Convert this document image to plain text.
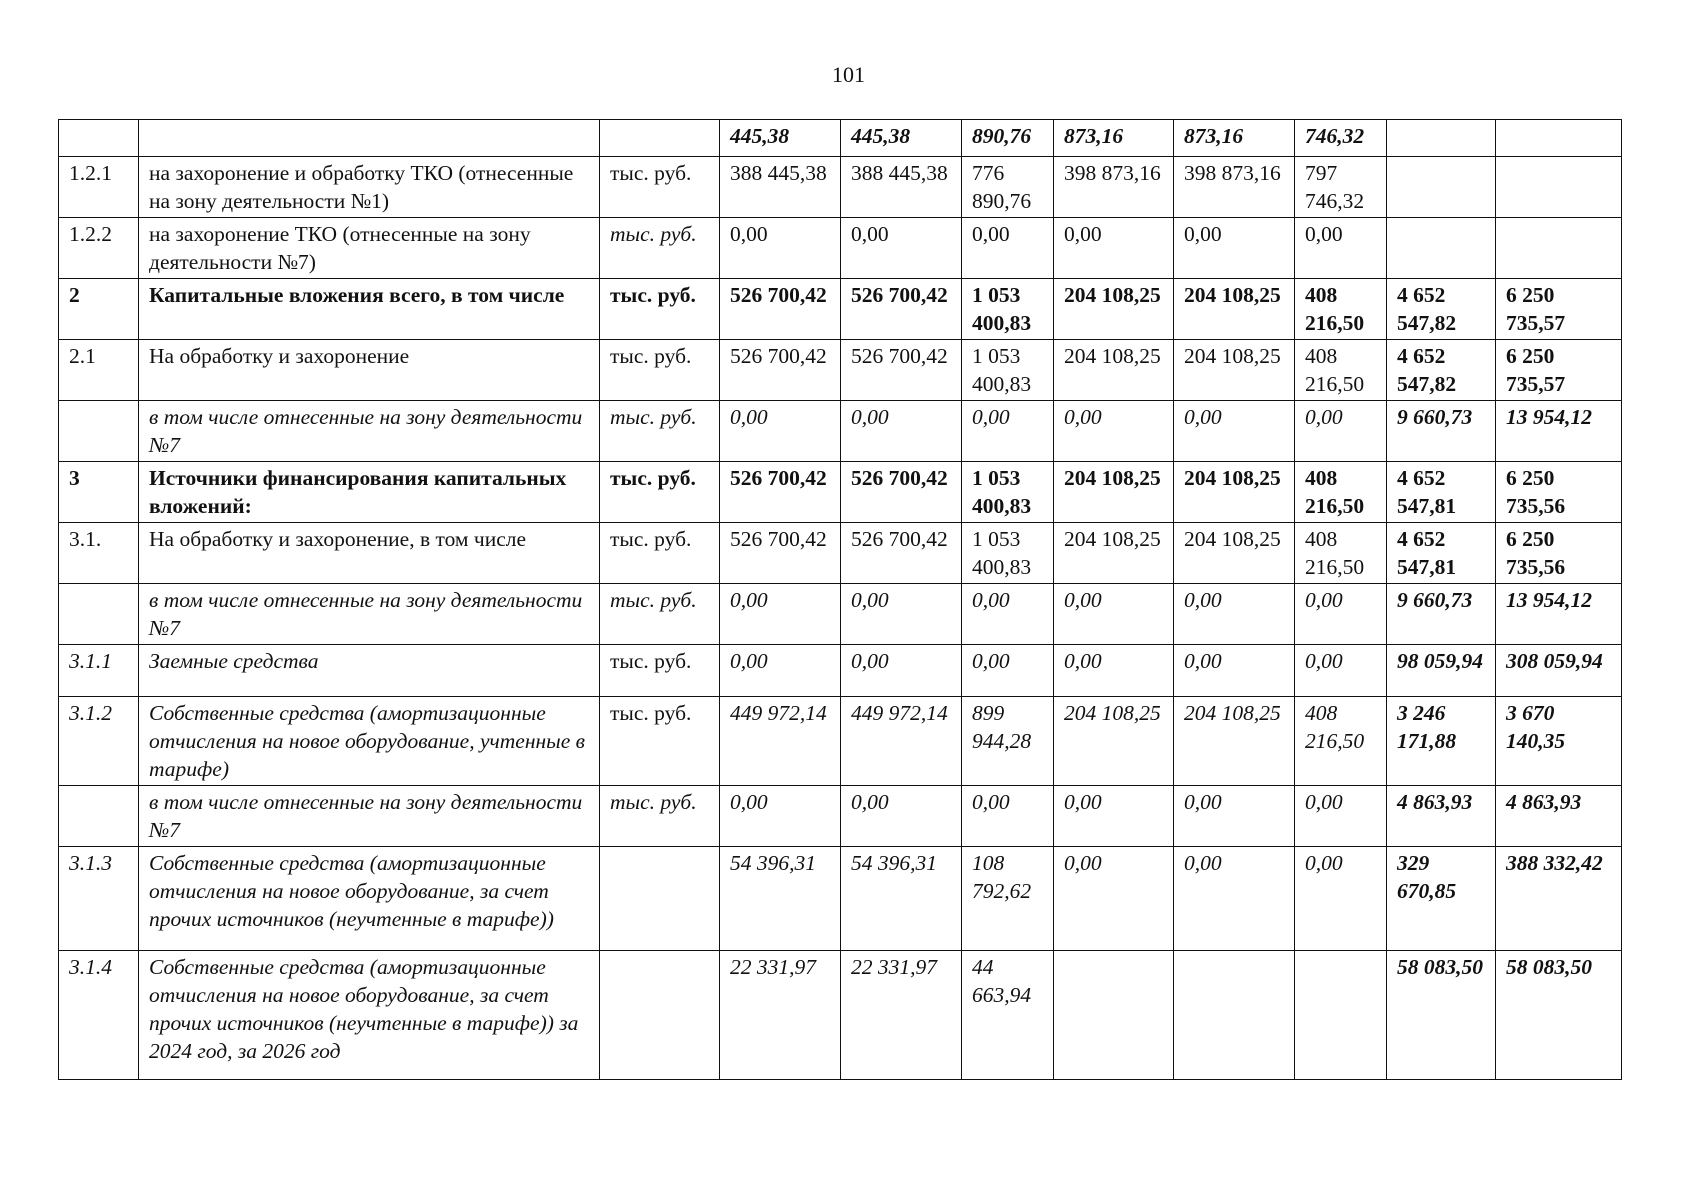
101
			445,38	445,38	890,76	873,16	873,16	746,32		
1.2.1	на захоронение и обработку ТКО (отнесенные на зону деятельности №1)	тыс. руб.	388 445,38	388 445,38	776 890,76	398 873,16	398 873,16	797 746,32		
1.2.2	на захоронение ТКО (отнесенные на зону деятельности №7)	тыс. руб.	0,00	0,00	0,00	0,00	0,00	0,00		
2	Капитальные вложения всего, в том числе	тыс. руб.	526 700,42	526 700,42	1 053 400,83	204 108,25	204 108,25	408 216,50	4 652 547,82	6 250 735,57
2.1	На обработку и захоронение	тыс. руб.	526 700,42	526 700,42	1 053 400,83	204 108,25	204 108,25	408 216,50	4 652 547,82	6 250 735,57
	в том числе отнесенные на зону деятельности №7	тыс. руб.	0,00	0,00	0,00	0,00	0,00	0,00	9 660,73	13 954,12
3	Источники финансирования капитальных вложений:	тыс. руб.	526 700,42	526 700,42	1 053 400,83	204 108,25	204 108,25	408 216,50	4 652 547,81	6 250 735,56
3.1.	На обработку и захоронение, в том числе	тыс. руб.	526 700,42	526 700,42	1 053 400,83	204 108,25	204 108,25	408 216,50	4 652 547,81	6 250 735,56
	в том числе отнесенные на зону деятельности №7	тыс. руб.	0,00	0,00	0,00	0,00	0,00	0,00	9 660,73	13 954,12
3.1.1	Заемные средства	тыс. руб.	0,00	0,00	0,00	0,00	0,00	0,00	98 059,94	308 059,94
3.1.2	Собственные средства (амортизационные отчисления на новое оборудование, учтенные в тарифе)	тыс. руб.	449 972,14	449 972,14	899 944,28	204 108,25	204 108,25	408 216,50	3 246 171,88	3 670 140,35
	в том числе отнесенные на зону деятельности №7	тыс. руб.	0,00	0,00	0,00	0,00	0,00	0,00	4 863,93	4 863,93
3.1.3	Собственные средства (амортизационные отчисления на новое оборудование, за счет прочих источников (неучтенные в тарифе))		54 396,31	54 396,31	108 792,62	0,00	0,00	0,00	329 670,85	388 332,42
3.1.4	Собственные средства (амортизационные отчисления на новое оборудование, за счет прочих источников (неучтенные в тарифе)) за 2024 год, за 2026 год		22 331,97	22 331,97	44 663,94				58 083,50	58 083,50
